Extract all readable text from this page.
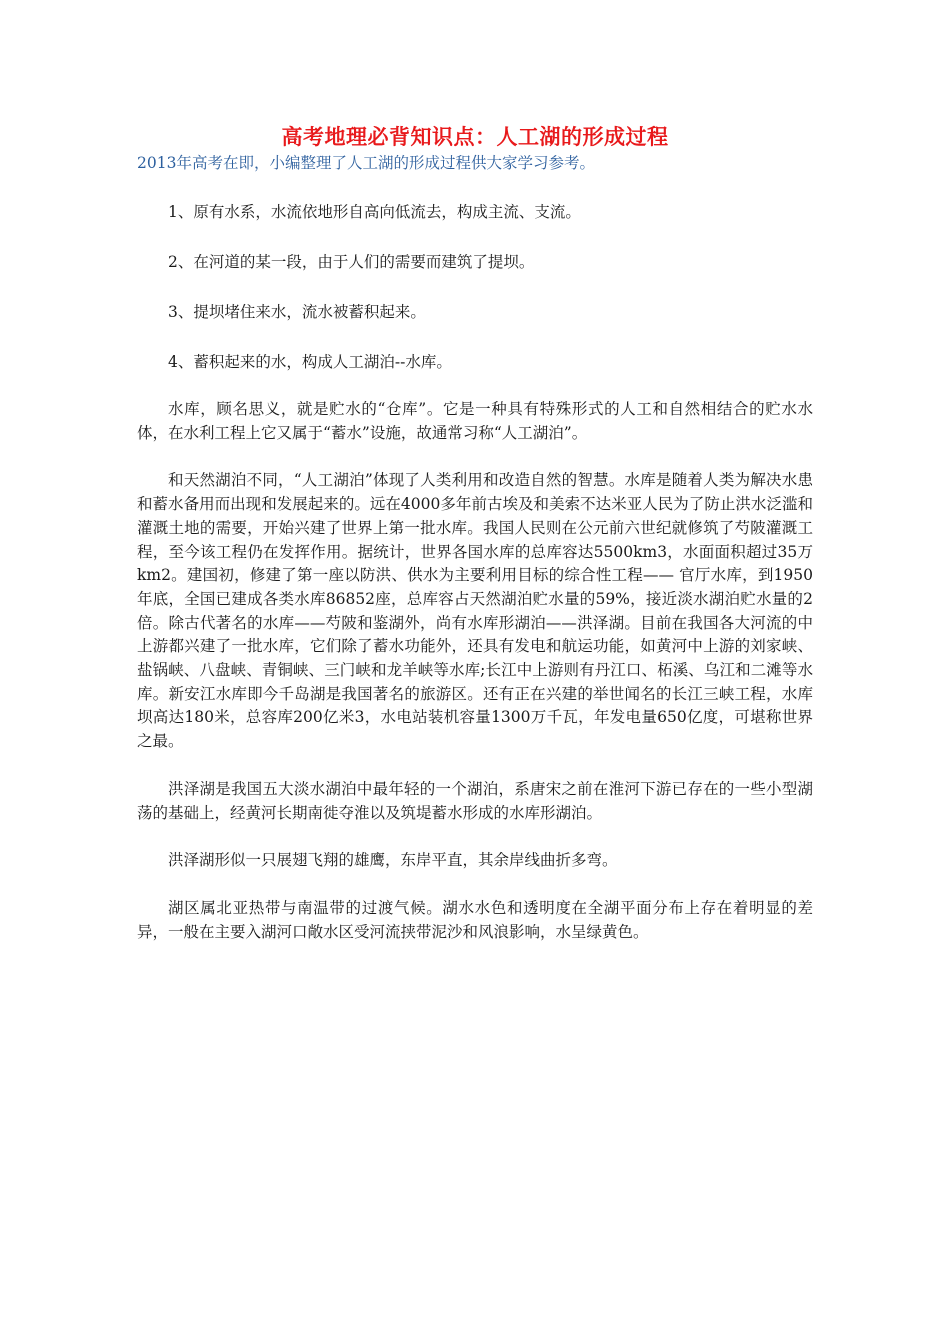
高考地理必背知识点：人工湖的形成过程

2013年高考在即，小编整理了人工湖的形成过程供大家学习参考。

1、原有水系，水流依地形自高向低流去，构成主流、支流。

2、在河道的某一段，由于人们的需要而建筑了提坝。

3、提坝堵住来水，流水被蓄积起来。

4、蓄积起来的水，构成人工湖泊--水库。

水库，顾名思义，就是贮水的“仓库”。它是一种具有特殊形式的人工和自然相结合的贮水水体，在水利工程上它又属于“蓄水”设施，故通常习称“人工湖泊”。

和天然湖泊不同，“人工湖泊”体现了人类利用和改造自然的智慧。水库是随着人类为解决水患和蓄水备用而出现和发展起来的。远在4000多年前古埃及和美索不达米亚人民为了防止洪水泛滥和灌溉土地的需要，开始兴建了世界上第一批水库。我国人民则在公元前六世纪就修筑了芍陂灌溉工程，至今该工程仍在发挥作用。据统计，世界各国水库的总库容达5500km3，水面面积超过35万km2。建国初，修建了第一座以防洪、供水为主要利用目标的综合性工程—— 官厅水库，到1950年底，全国已建成各类水库86852座，总库容占天然湖泊贮水量的59%，接近淡水湖泊贮水量的2倍。除古代著名的水库——芍陂和鉴湖外，尚有水库形湖泊——洪泽湖。目前在我国各大河流的中上游都兴建了一批水库，它们除了蓄水功能外，还具有发电和航运功能，如黄河中上游的刘家峡、盐锅峡、八盘峡、青铜峡、三门峡和龙羊峡等水库;长江中上游则有丹江口、柘溪、乌江和二滩等水库。新安江水库即今千岛湖是我国著名的旅游区。还有正在兴建的举世闻名的长江三峡工程，水库坝高达180米，总容库200亿米3，水电站装机容量1300万千瓦，年发电量650亿度，可堪称世界之最。

洪泽湖是我国五大淡水湖泊中最年轻的一个湖泊，系唐宋之前在淮河下游已存在的一些小型湖荡的基础上，经黄河长期南徙夺淮以及筑堤蓄水形成的水库形湖泊。

洪泽湖形似一只展翅飞翔的雄鹰，东岸平直，其余岸线曲折多弯。

湖区属北亚热带与南温带的过渡气候。湖水水色和透明度在全湖平面分布上存在着明显的差异，一般在主要入湖河口敞水区受河流挟带泥沙和风浪影响，水呈绿黄色。
